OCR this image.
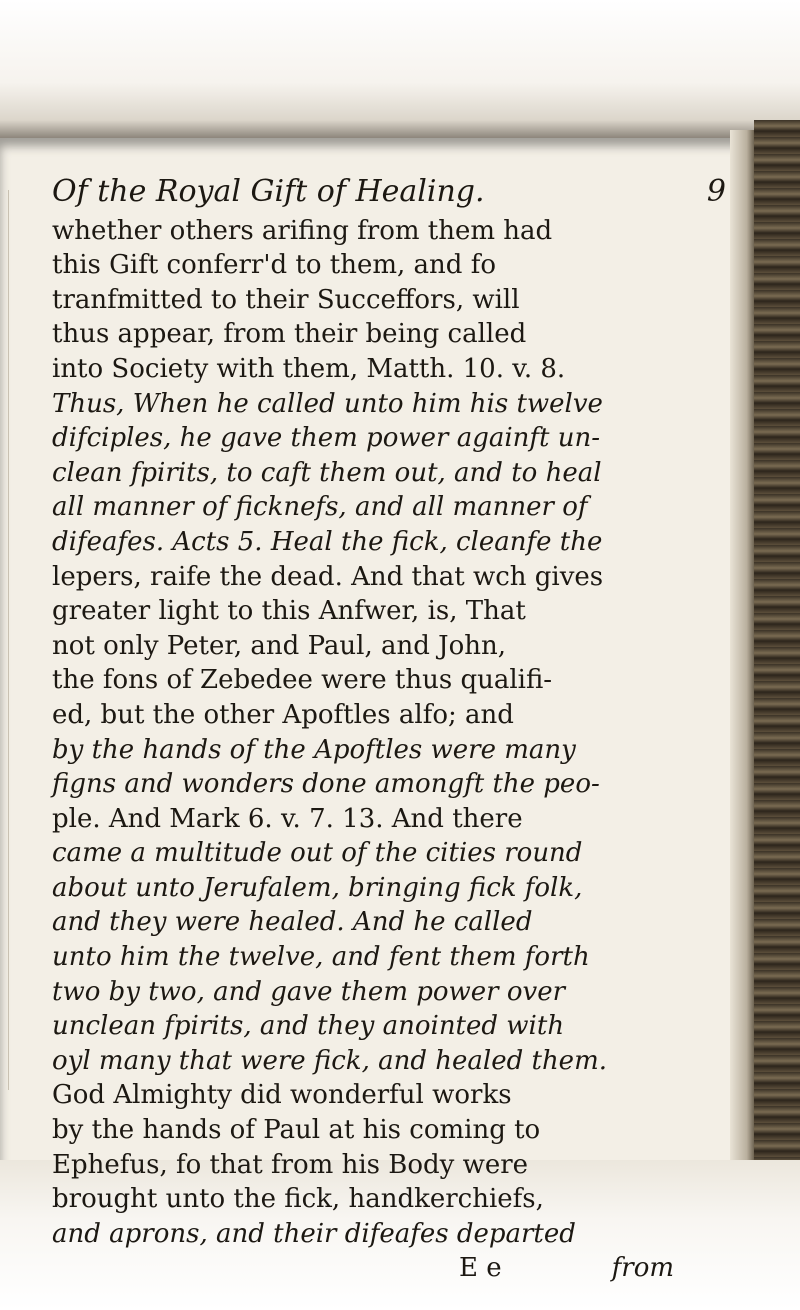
Of the Royal Gift of Healing.	9
whether others arifing from them had
this Gift conferr'd to them, and fo
tranfmitted to their Succeffors, will
thus appear, from their being called
into Society with them, Matth. 10. v. 8.
Thus, When he called unto him his twelve
difciples, he gave them power againft un-
clean fpirits, to caft them out, and to heal
all manner of ficknefs, and all manner of
difeafes. Acts 5. Heal the fick, cleanfe the
lepers, raife the dead. And that wch gives
greater light to this Anfwer, is, That
not only Peter, and Paul, and John,
the fons of Zebedee were thus qualifi-
ed, but the other Apoftles alfo; and
by the hands of the Apoftles were many
figns and wonders done amongft the peo-
ple. And Mark 6. v. 7. 13. And there
came a multitude out of the cities round
about unto Jerufalem, bringing fick folk,
and they were healed. And he called
unto him the twelve, and fent them forth
two by two, and gave them power over
unclean fpirits, and they anointed with
oyl many that were fick, and healed them.
God Almighty did wonderful works
by the hands of Paul at his coming to
Ephefus, fo that from his Body were
brought unto the fick, handkerchiefs,
and aprons, and their difeafes departed
E e	from
